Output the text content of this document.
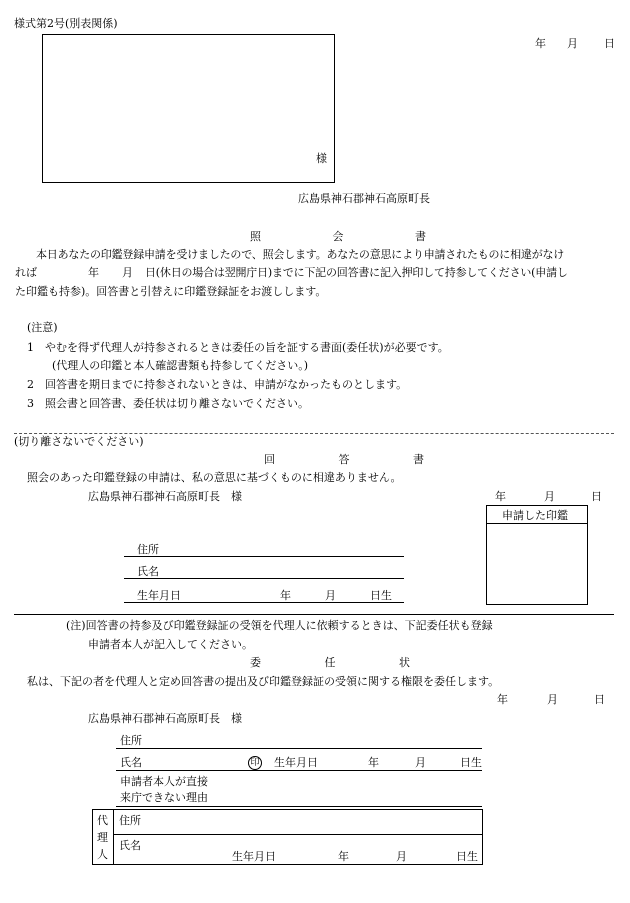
様式第2号(別表関係)
年 月 日
様
広島県神石郡神石高原町長
照 会 書
本日あなたの印鑑登録申請を受けましたので、照会します。あなたの意思により申請されたものに相違がなけ
れば	年 月 日(休日の場合は翌開庁日)までに下記の回答書に記入押印して持参してください(申請し
た印鑑も持参)。回答書と引替えに印鑑登録証をお渡しします。
(注意)
1　やむを得ず代理人が持参されるときは委任の旨を証する書面(委任状)が必要です。
(代理人の印鑑と本人確認書類も持参してください。)
2　回答書を期日までに持参されないときは、申請がなかったものとします。
3　照会書と回答書、委任状は切り離さないでください。
(切り離さないでください)
回 答 書
照会のあった印鑑登録の申請は、私の意思に基づくものに相違ありません。
広島県神石郡神石高原町長　様	年	月	日
申請した印鑑
住所
氏名
生年月日	年	月	日生
(注)回答書の持参及び印鑑登録証の受領を代理人に依頼するときは、下記委任状も登録
申請者本人が記入してください。
委 任 状
私は、下記の者を代理人と定め回答書の提出及び印鑑登録証の受領に関する権限を委任します。
年	月	日
広島県神石郡神石高原町長　様
住所
氏名	印 生年月日	年	月	日生
申請者本人が直接
来庁できない理由
代
理
人
住所
氏名
生年月日	年	月	日生
